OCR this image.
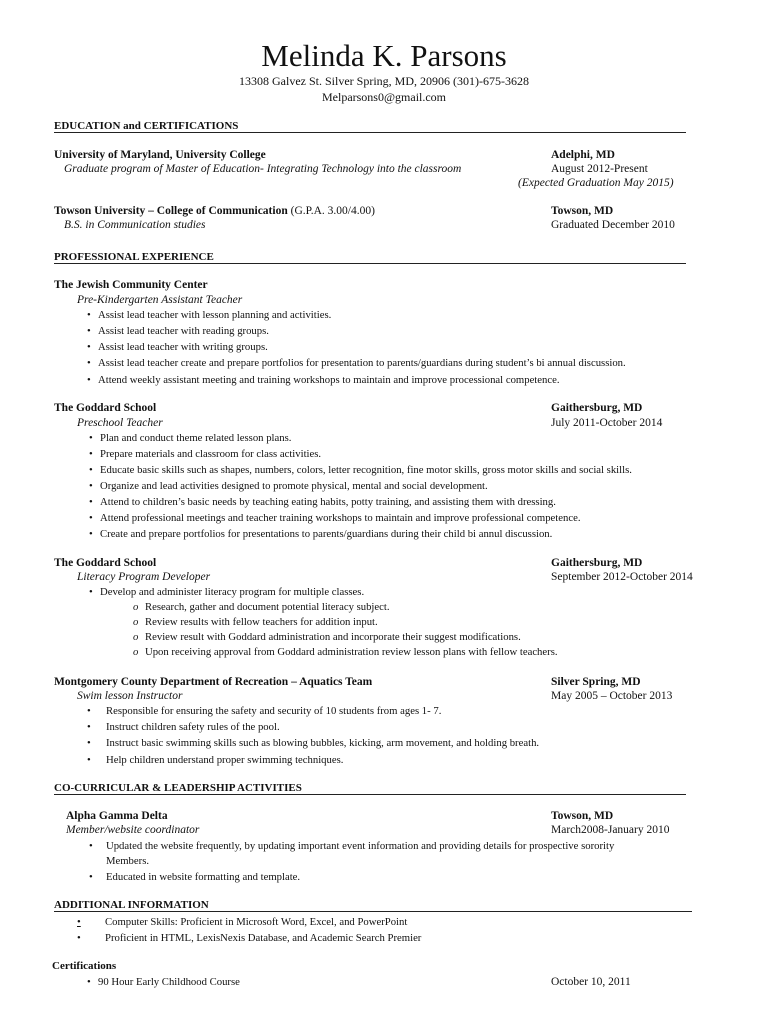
Melinda K. Parsons
13308 Galvez St. Silver Spring, MD, 20906 (301)-675-3628
Melparsons0@gmail.com
EDUCATION and CERTIFICATIONS
University of Maryland, University College	Adelphi, MD
Graduate program of Master of Education- Integrating Technology into the classroom	August 2012-Present
(Expected Graduation May 2015)
Towson University – College of Communication (G.P.A. 3.00/4.00)	Towson, MD
B.S. in Communication studies	Graduated December 2010
PROFESSIONAL EXPERIENCE
The Jewish Community Center
Pre-Kindergarten Assistant Teacher
• Assist lead teacher with lesson planning and activities.
• Assist lead teacher with reading groups.
• Assist lead teacher with writing groups.
• Assist lead teacher create and prepare portfolios for presentation to parents/guardians during student’s bi annual discussion.
• Attend weekly assistant meeting and training workshops to maintain and improve processional competence.
The Goddard School	Gaithersburg, MD
Preschool Teacher	July 2011-October 2014
• Plan and conduct theme related lesson plans.
• Prepare materials and classroom for class activities.
• Educate basic skills such as shapes, numbers, colors, letter recognition, fine motor skills, gross motor skills and social skills.
• Organize and lead activities designed to promote physical, mental and social development.
• Attend to children’s basic needs by teaching eating habits, potty training, and assisting them with dressing.
• Attend professional meetings and teacher training workshops to maintain and improve professional competence.
• Create and prepare portfolios for presentations to parents/guardians during their child bi annul discussion.
The Goddard School	Gaithersburg, MD
Literacy Program Developer	September 2012-October 2014
• Develop and administer literacy program for multiple classes.
o Research, gather and document potential literacy subject.
o Review results with fellow teachers for addition input.
o Review result with Goddard administration and incorporate their suggest modifications.
o Upon receiving approval from Goddard administration review lesson plans with fellow teachers.
Montgomery County Department of Recreation – Aquatics Team	Silver Spring, MD
Swim lesson Instructor	May 2005 – October 2013
• Responsible for ensuring the safety and security of 10 students from ages 1- 7.
• Instruct children safety rules of the pool.
• Instruct basic swimming skills such as blowing bubbles, kicking, arm movement, and holding breath.
• Help children understand proper swimming techniques.
CO-CURRICULAR & LEADERSHIP ACTIVITIES
Alpha Gamma Delta	Towson, MD
Member/website coordinator	March2008-January 2010
• Updated the website frequently, by updating important event information and providing details for prospective sorority
Members.
• Educated in website formatting and template.
ADDITIONAL INFORMATION
• Computer Skills: Proficient in Microsoft Word, Excel, and PowerPoint
• Proficient in HTML, LexisNexis Database, and Academic Search Premier
Certifications
• 90 Hour Early Childhood Course	October 10, 2011
